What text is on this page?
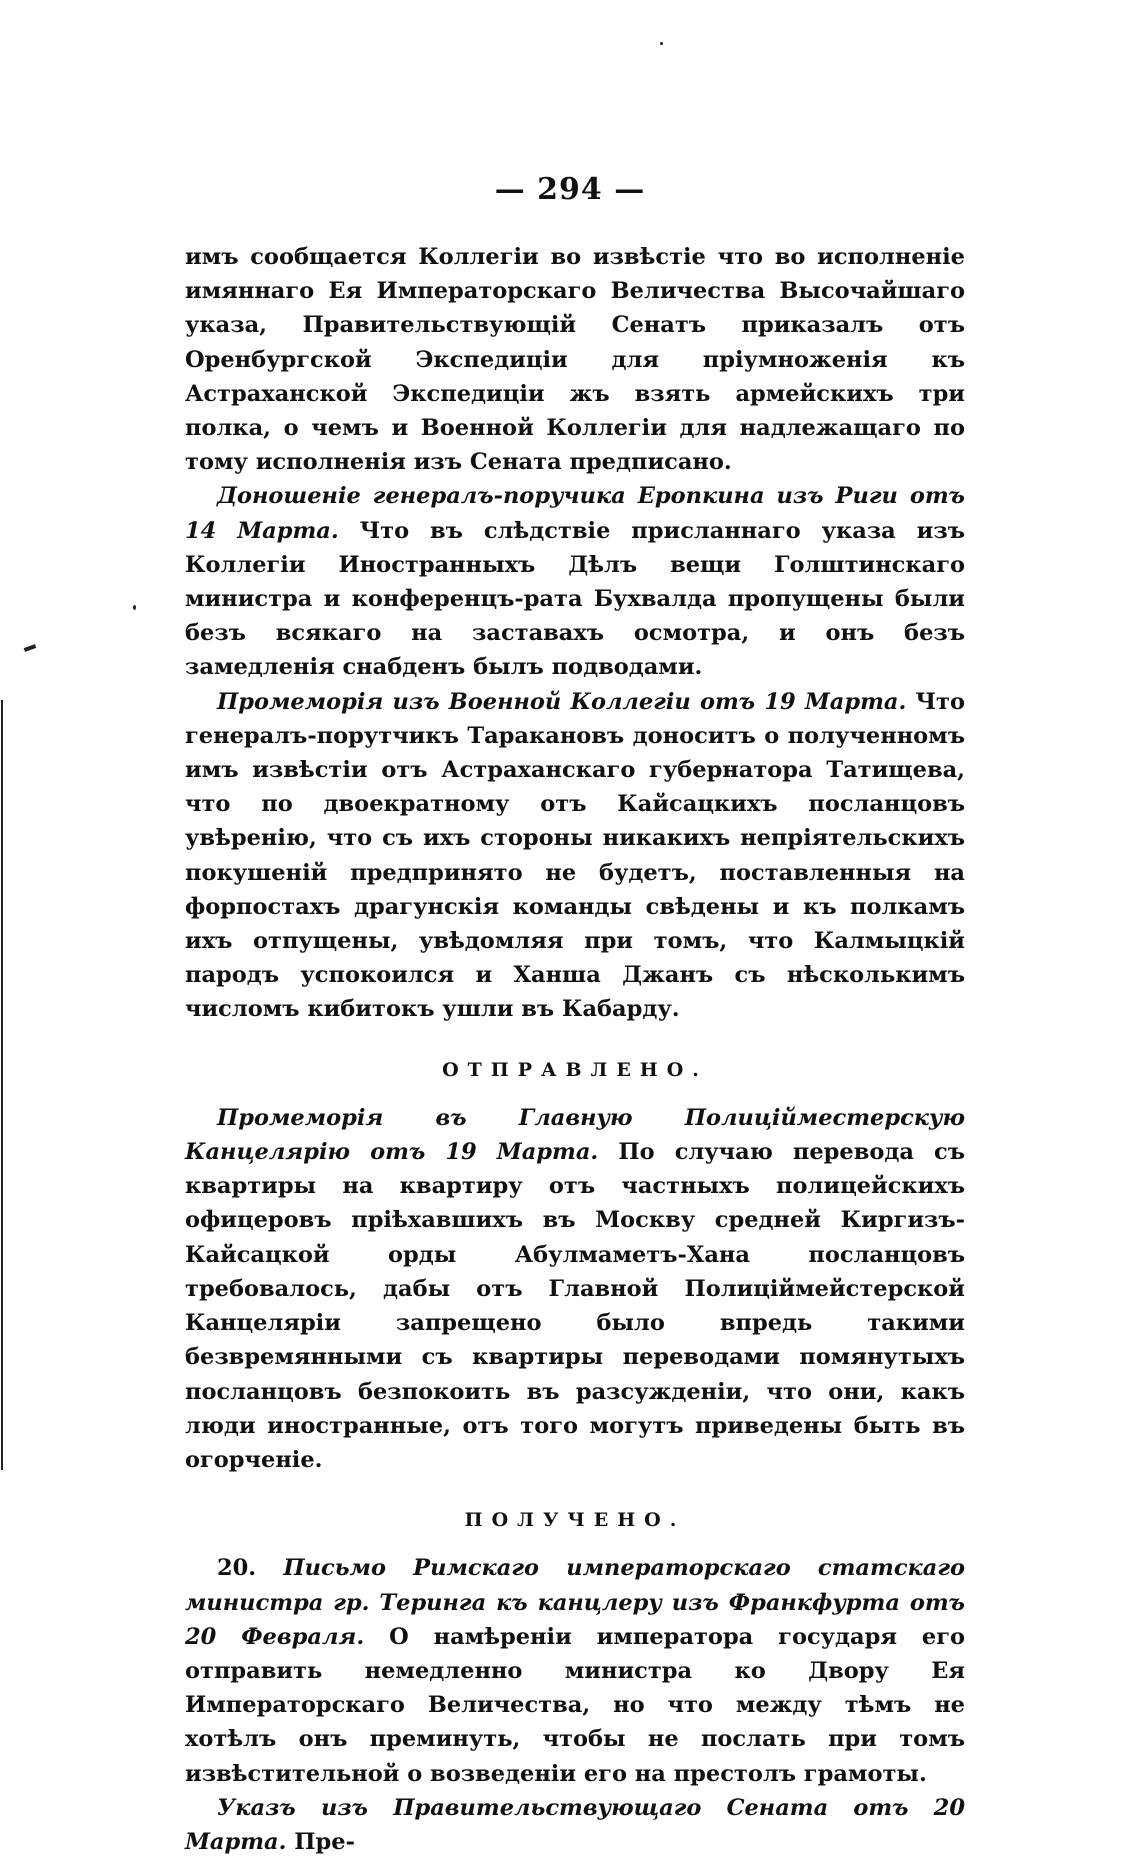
— 294 —

имъ сообщается Коллегіи во извѣстіе что во исполненіе имяннаго Ея Императорскаго Величества Высочайшаго указа, Правительствующій Сенатъ приказалъ отъ Оренбургской Экспедиціи для пріумноженія къ Астраханской Экспедиціи жъ взять армейскихъ три полка, о чемъ и Военной Коллегіи для надлежащаго по тому исполненія изъ Сената предписано.

Доношеніе генералъ-поручика Еропкина изъ Риги отъ 14 Марта. Что въ слѣдствіе присланнаго указа изъ Коллегіи Иностранныхъ Дѣлъ вещи Голштинскаго министра и конференцъ-рата Бухвалда пропущены были безъ всякаго на заставахъ осмотра, и онъ безъ замедленія снабденъ былъ подводами.

Промеморія изъ Военной Коллегіи отъ 19 Марта. Что генералъ-порутчикъ Таракановъ доноситъ о полученномъ имъ извѣстіи отъ Астраханскаго губернатора Татищева, что по двоекратному отъ Кайсацкихъ посланцовъ увѣренію, что съ ихъ стороны никакихъ непріятельскихъ покушеній предпринято не будетъ, поставленныя на форпостахъ драгунскія команды свѣдены и къ полкамъ ихъ отпущены, увѣдомляя при томъ, что Калмыцкій пародъ успокоился и Ханша Джанъ съ нѣсколькимъ числомъ кибитокъ ушли въ Кабарду.

ОТПРАВЛЕНО.

Промеморія въ Главную Полиційместерскую Канцелярію отъ 19 Марта. По случаю перевода съ квартиры на квартиру отъ частныхъ полицейскихъ офицеровъ пріѣхавшихъ въ Москву средней Киргизъ-Кайсацкой орды Абулмаметъ-Хана посланцовъ требовалось, дабы отъ Главной Полиціймейстерской Канцеляріи запрещено было впредь такими безвремянными съ квартиры переводами помянутыхъ посланцовъ безпокоить въ разсужденіи, что они, какъ люди иностранные, отъ того могутъ приведены быть въ огорченіе.

ПОЛУЧЕНО.

20. Письмо Римскаго императорскаго статскаго министра гр. Теринга къ канцлеру изъ Франкфурта отъ 20 Февраля. О намѣреніи императора государя его отправить немедленно министра ко Двору Ея Императорскаго Величества, но что между тѣмъ не хотѣлъ онъ преминуть, чтобы не послать при томъ извѣстительной о возведеніи его на престолъ грамоты.

Указъ изъ Правительствующаго Сената отъ 20 Марта. Пре-
